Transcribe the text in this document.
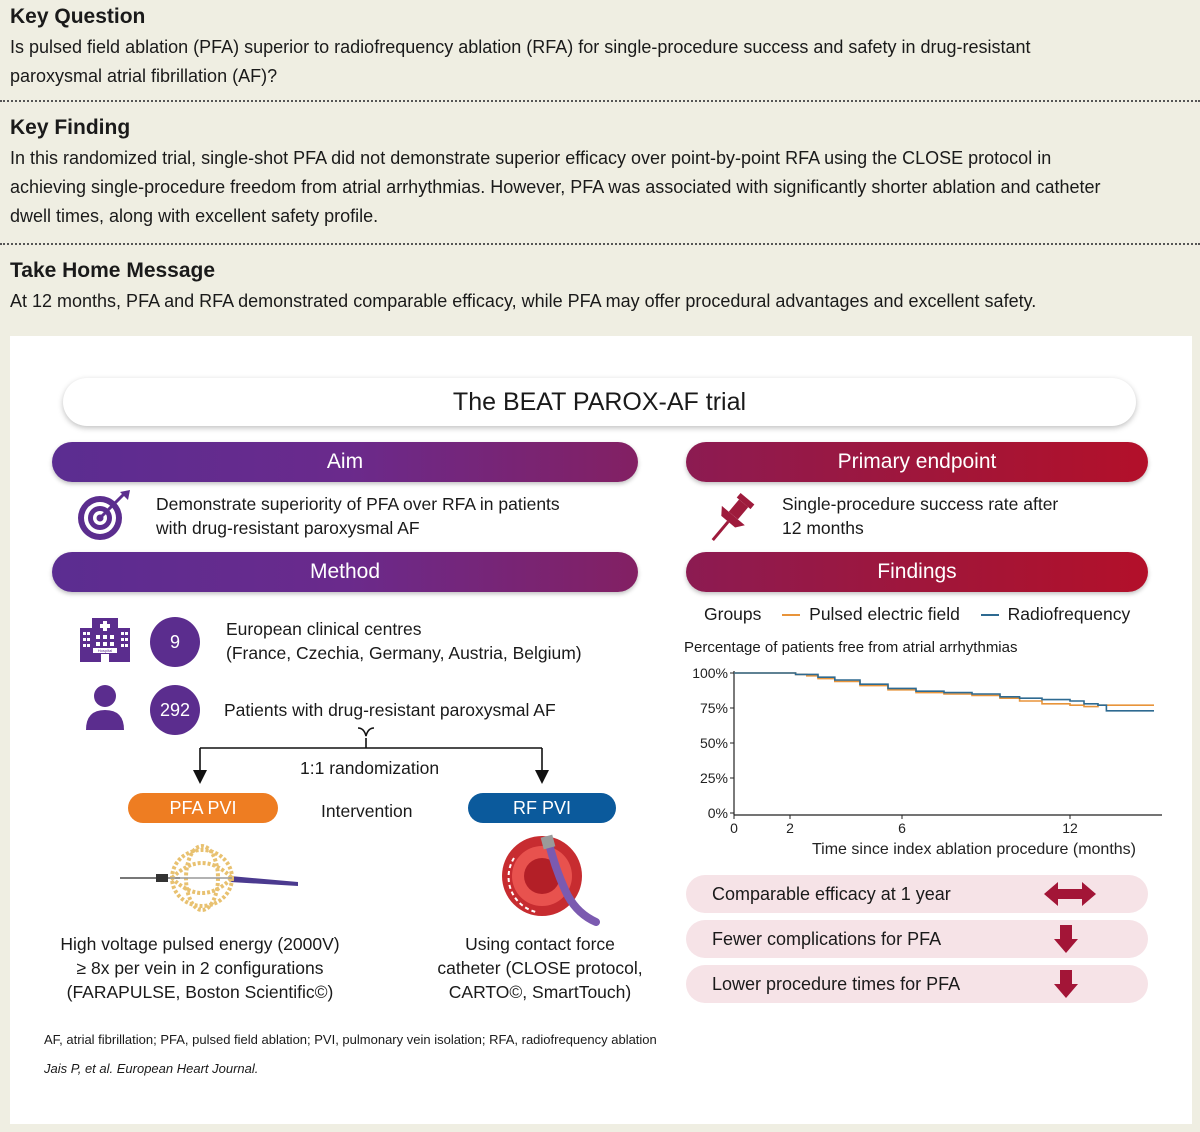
Key Question

Is pulsed field ablation (PFA) superior to radiofrequency ablation (RFA) for single-procedure success and safety in drug-resistant

paroxysmal atrial fibrillation (AF)?

Key Finding

In this randomized trial, single-shot PFA did not demonstrate superior efficacy over point-by-point RFA using the CLOSE protocol in

achieving single-procedure freedom from atrial arrhythmias. However, PFA was associated with significantly shorter ablation and catheter

dwell times, along with excellent safety profile.

Take Home Message

At 12 months, PFA and RFA demonstrated comparable efficacy, while PFA may offer procedural advantages and excellent safety.

The BEAT PAROX-AF trial
Aim
Demonstrate superiority of PFA over RFA in patients
with drug-resistant paroxysmal AF
Primary endpoint
Single-procedure success rate after
12 months
Method
Hospital	9
European clinical centres
(France, Czechia, Germany, Austria, Belgium)
292	Patients with drug-resistant paroxysmal AF
1:1 randomization
PFA PVI	Intervention	RF PVI
High voltage pulsed energy (2000V)
≥ 8x per vein in 2 configurations
(FARAPULSE, Boston Scientific©)
Using contact force
catheter (CLOSE protocol,
CARTO©, SmartTouch)
Findings
Groups	Pulsed electric field	Radiofrequency
Percentage of patients free from atrial arrhythmias
100%
75%
50%
25%
0%
0	2	6	12
Time since index ablation procedure (months)
Comparable efficacy at 1 year
Fewer complications for PFA
Lower procedure times for PFA
AF, atrial fibrillation; PFA, pulsed field ablation; PVI, pulmonary vein isolation; RFA, radiofrequency ablation
Jais P, et al. European Heart Journal.
